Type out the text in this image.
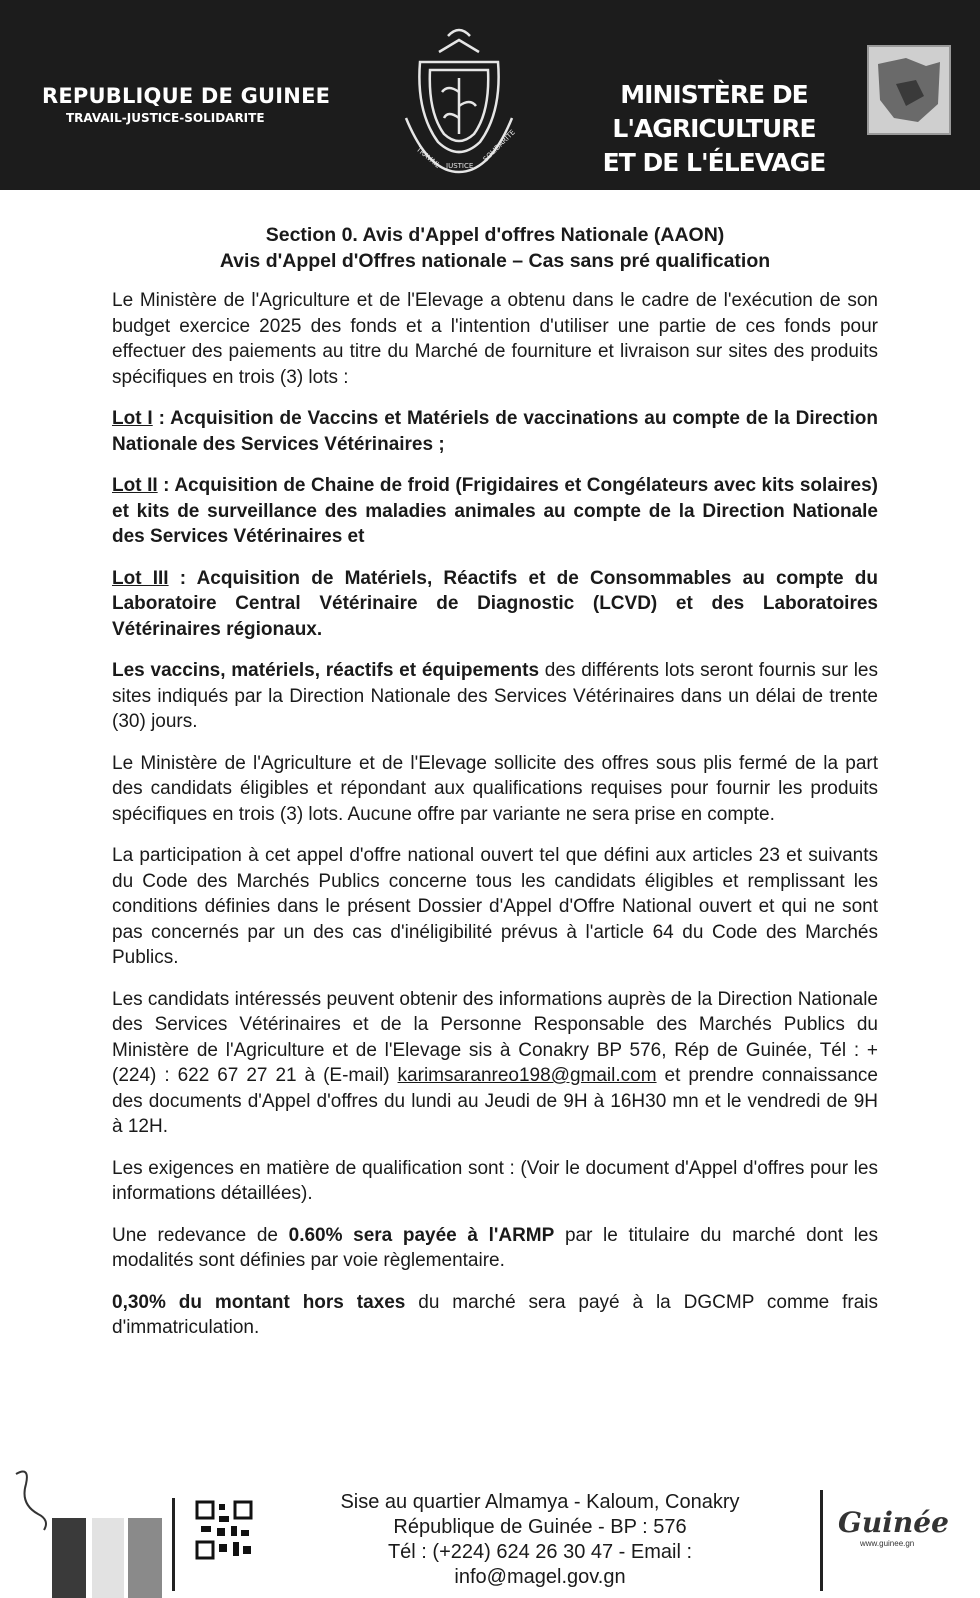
REPUBLIQUE DE GUINEE
TRAVAIL-JUSTICE-SOLIDARITE
TRAVAIL JUSTICE
SOLIDARITE
MINISTÈRE DE L'AGRICULTURE
ET DE L'ÉLEVAGE
Section 0. Avis d'Appel d'offres Nationale (AAON)
Avis d'Appel d'Offres nationale – Cas sans pré qualification

Le Ministère de l'Agriculture et de l'Elevage a obtenu dans le cadre de l'exécution de son budget exercice 2025 des fonds et a l'intention d'utiliser une partie de ces fonds pour effectuer des paiements au titre du Marché de fourniture et livraison sur sites des produits spécifiques en trois (3) lots :

Lot I : Acquisition de Vaccins et Matériels de vaccinations au compte de la Direction Nationale des Services Vétérinaires ;

Lot II : Acquisition de Chaine de froid (Frigidaires et Congélateurs avec kits solaires) et kits de surveillance des maladies animales au compte de la Direction Nationale des Services Vétérinaires et

Lot III : Acquisition de Matériels, Réactifs et de Consommables au compte du Laboratoire Central Vétérinaire de Diagnostic (LCVD) et des Laboratoires Vétérinaires régionaux.

Les vaccins, matériels, réactifs et équipements des différents lots seront fournis sur les sites indiqués par la Direction Nationale des Services Vétérinaires dans un délai de trente (30) jours.

Le Ministère de l'Agriculture et de l'Elevage sollicite des offres sous plis fermé de la part des candidats éligibles et répondant aux qualifications requises pour fournir les produits spécifiques en trois (3) lots. Aucune offre par variante ne sera prise en compte.

La participation à cet appel d'offre national ouvert tel que défini aux articles 23 et suivants du Code des Marchés Publics concerne tous les candidats éligibles et remplissant les conditions définies dans le présent Dossier d'Appel d'Offre National ouvert et qui ne sont pas concernés par un des cas d'inéligibilité prévus à l'article 64 du Code des Marchés Publics.

Les candidats intéressés peuvent obtenir des informations auprès de la Direction Nationale des Services Vétérinaires et de la Personne Responsable des Marchés Publics du Ministère de l'Agriculture et de l'Elevage sis à Conakry BP 576, Rép de Guinée, Tél : + (224) : 622 67 27 21 à (E-mail) karimsaranreo198@gmail.com et prendre connaissance des documents d'Appel d'offres du lundi au Jeudi de 9H à 16H30 mn et le vendredi de 9H à 12H.

Les exigences en matière de qualification sont : (Voir le document d'Appel d'offres pour les informations détaillées).

Une redevance de 0.60% sera payée à l'ARMP par le titulaire du marché dont les modalités sont définies par voie règlementaire.

0,30% du montant hors taxes du marché sera payé à la DGCMP comme frais d'immatriculation.

Sise au quartier Almamya - Kaloum, Conakry
République de Guinée - BP : 576
Tél : (+224) 624 26 30 47 - Email : info@magel.gov.gn
Guinée
www.guinee.gn
